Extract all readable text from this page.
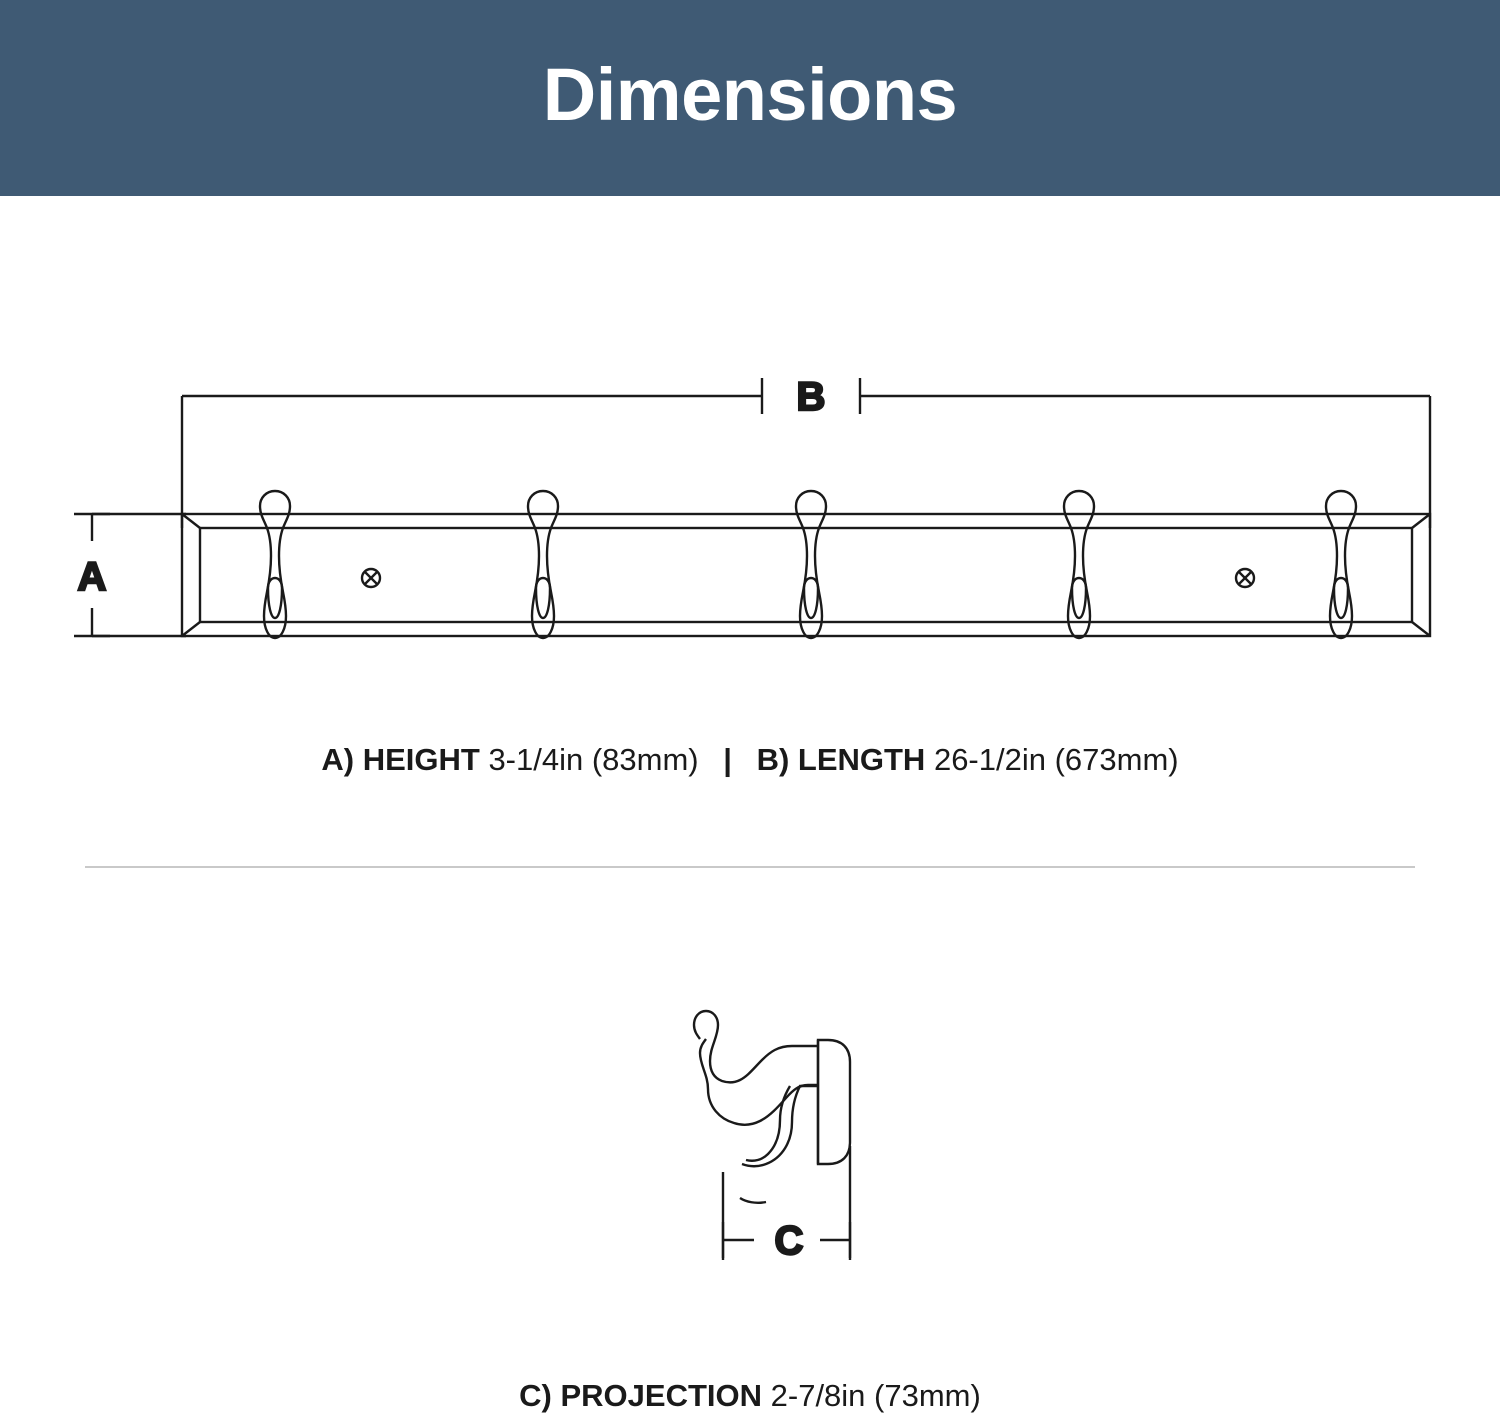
Dimensions
B
A
A) HEIGHT 3-1/4in (83mm) | B) LENGTH 26-1/2in (673mm)
C
C) PROJECTION 2-7/8in (73mm)
